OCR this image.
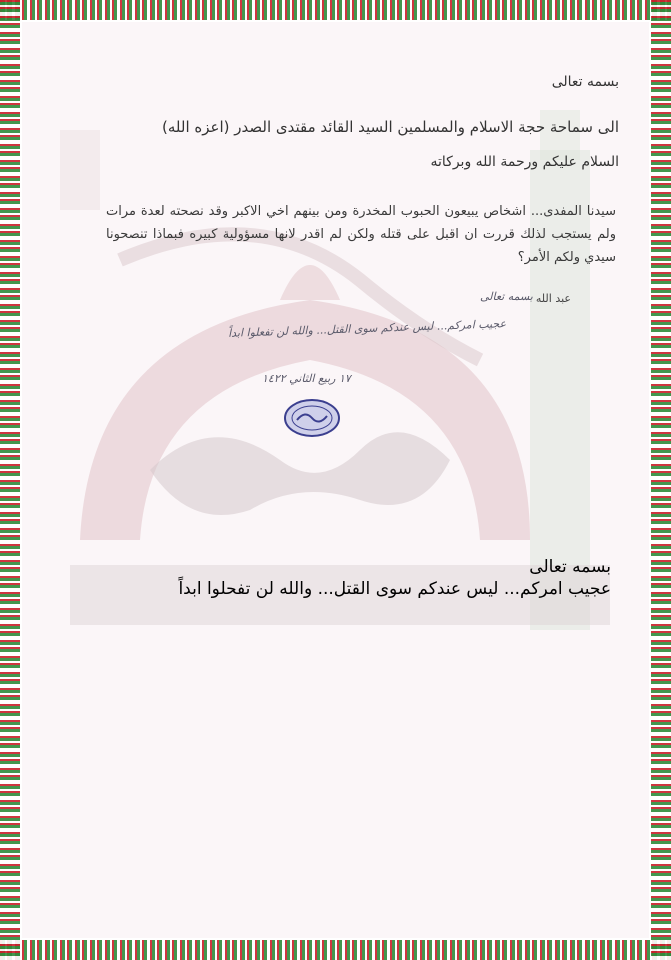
بسمه تعالى
الى سماحة حجة الاسلام والمسلمين السيد القائد مقتدى الصدر (اعزه الله)
السلام عليكم ورحمة الله وبركاته
سيدنا المفدى... اشخاص يبيعون الحبوب المخدرة ومن بينهم اخي الاكبر وقد نصحته لعدة مرات ولم يستجب لذلك قررت ان اقبل على قتله ولكن لم اقدر لانها مسؤولية كبيره فبماذا تنصحونا سيدي ولكم الأمر؟
عبد الله
بسمه تعالى
عجيب امركم... ليس عندكم سوى القتل... والله لن تفعلوا ابداً
١٧ ربيع الثاني ١٤٢٢
بسمه تعالى
عجيب امركم... ليس عندكم سوى القتل... والله لن تفحلوا ابداً
